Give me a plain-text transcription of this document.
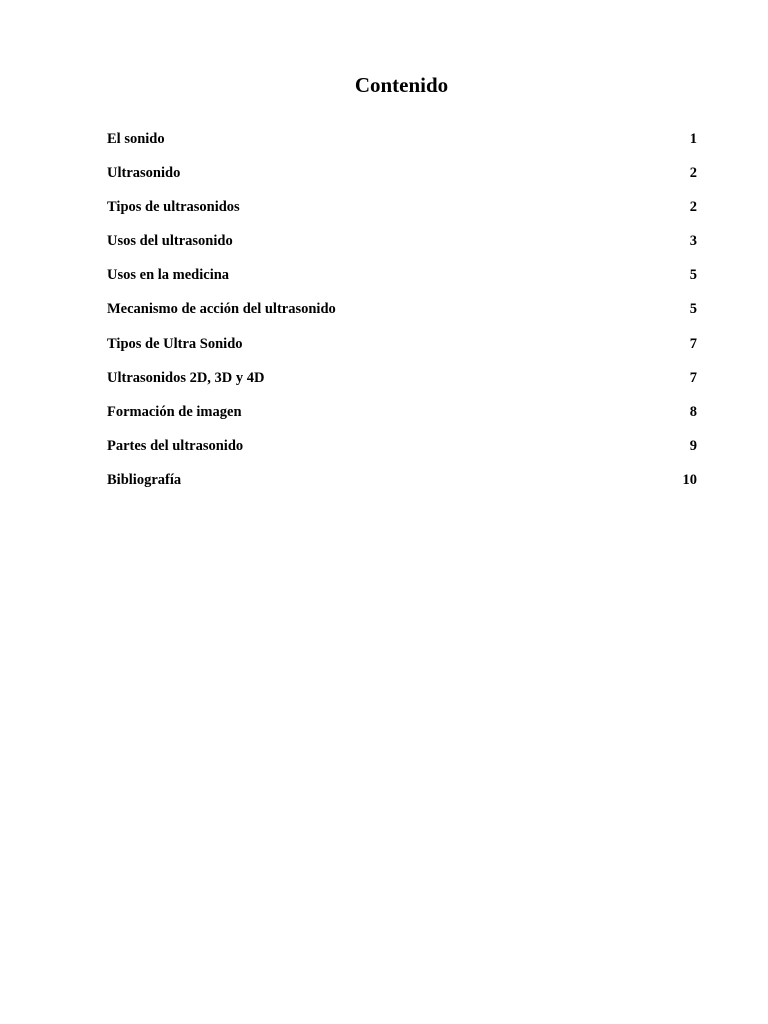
Contenido
El sonido	1
Ultrasonido	2
Tipos de ultrasonidos	2
Usos del ultrasonido	3
Usos en la medicina	5
Mecanismo de acción del ultrasonido	5
Tipos de Ultra Sonido	7
Ultrasonidos 2D, 3D y 4D	7
Formación de imagen	8
Partes del ultrasonido	9
Bibliografía	10
